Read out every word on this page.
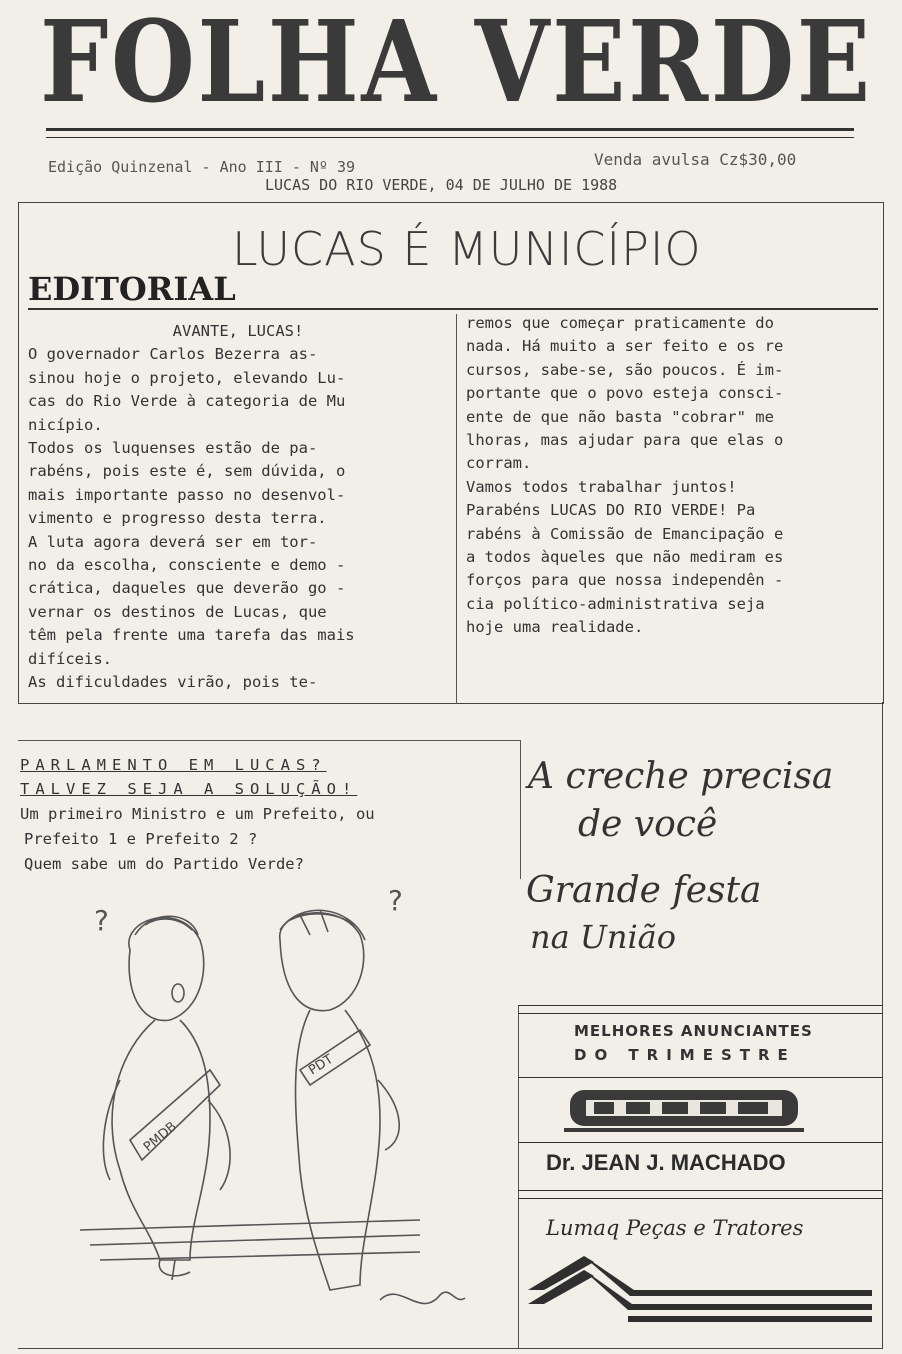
FOLHA VERDE
Edição Quinzenal - Ano III - Nº 39	Venda avulsa Cz$30,00
LUCAS DO RIO VERDE, 04 DE JULHO DE 1988
LUCAS É MUNICÍPIO
EDITORIAL

AVANTE, LUCAS!

O governador Carlos Bezerra as-

sinou hoje o projeto, elevando Lu-

cas do Rio Verde à categoria de Mu

nicípio.

Todos os luquenses estão de pa-

rabéns, pois este é, sem dúvida, o

mais importante passo no desenvol-

vimento e progresso desta terra.

A luta agora deverá ser em tor-

no da escolha, consciente e demo -

crática, daqueles que deverão go -

vernar os destinos de Lucas, que

têm pela frente uma tarefa das mais

difíceis.

As dificuldades virão, pois te-

remos que começar praticamente do

nada. Há muito a ser feito e os re

cursos, sabe-se, são poucos. É im-

portante que o povo esteja consci-

ente de que não basta "cobrar" me

lhoras, mas ajudar para que elas o

corram.

Vamos todos trabalhar juntos!

Parabéns LUCAS DO RIO VERDE! Pa

rabéns à Comissão de Emancipação e

a todos àqueles que não mediram es

forços para que nossa independên -

cia político-administrativa seja

hoje uma realidade.

PARLAMENTO EM LUCAS?
TALVEZ SEJA A SOLUÇÃO!
Um primeiro Ministro e um Prefeito, ou
Prefeito 1 e Prefeito 2 ?
Quem sabe um do Partido Verde?
?
?
PMDB
PDT
A creche precisa
de você
Grande festa
na União
MELHORES ANUNCIANTES
DO TRIMESTRE
Dr. JEAN J. MACHADO
Lumaq Peças e Tratores
